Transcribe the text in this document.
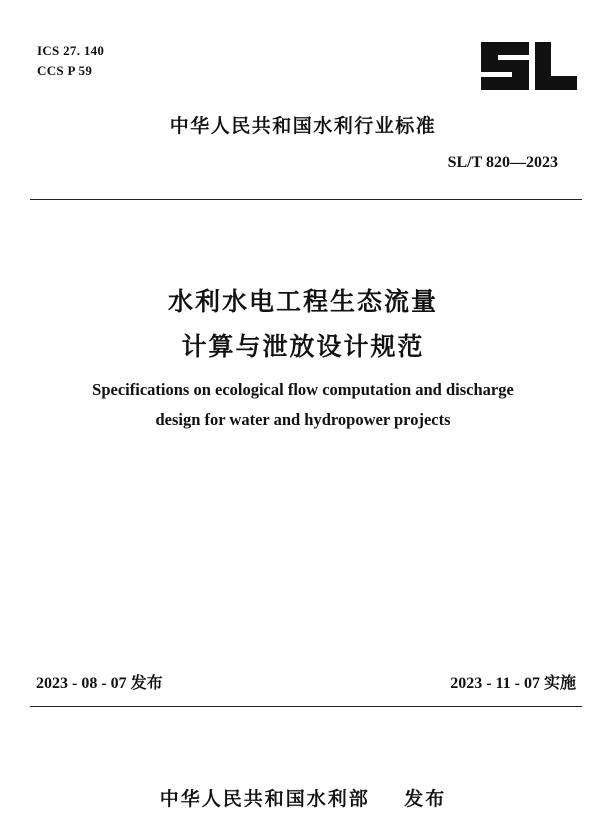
ICS 27. 140
CCS P 59
中华人民共和国水利行业标准
SL/T 820—2023
水利水电工程生态流量
计算与泄放设计规范
Specifications on ecological flow computation and discharge
design for water and hydropower projects
2023 - 08 - 07 发布	2023 - 11 - 07 实施
中华人民共和国水利部    发布
